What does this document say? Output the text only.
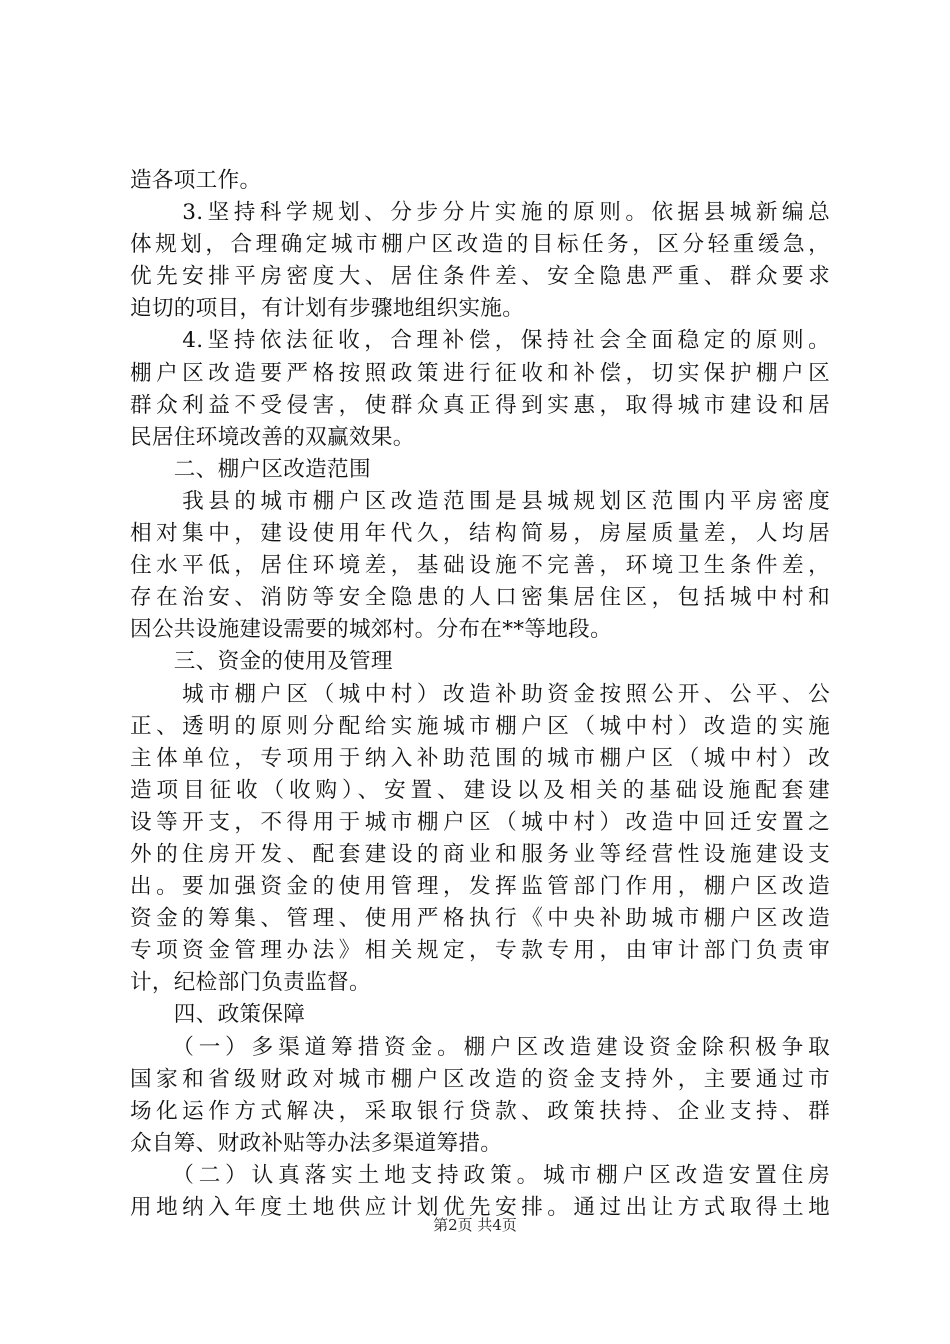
造各项工作。
　　3.坚持科学规划、分步分片实施的原则。依据县城新编总
体规划，合理确定城市棚户区改造的目标任务，区分轻重缓急，
优先安排平房密度大、居住条件差、安全隐患严重、群众要求
迫切的项目，有计划有步骤地组织实施。
　　4.坚持依法征收，合理补偿，保持社会全面稳定的原则。
棚户区改造要严格按照政策进行征收和补偿，切实保护棚户区
群众利益不受侵害，使群众真正得到实惠，取得城市建设和居
民居住环境改善的双赢效果。
　　二、棚户区改造范围
　　我县的城市棚户区改造范围是县城规划区范围内平房密度
相对集中，建设使用年代久，结构简易，房屋质量差，人均居
住水平低，居住环境差，基础设施不完善，环境卫生条件差，
存在治安、消防等安全隐患的人口密集居住区，包括城中村和
因公共设施建设需要的城郊村。分布在**等地段。
　　三、资金的使用及管理
　　城市棚户区（城中村）改造补助资金按照公开、公平、公
正、透明的原则分配给实施城市棚户区（城中村）改造的实施
主体单位，专项用于纳入补助范围的城市棚户区（城中村）改
造项目征收（收购）、安置、建设以及相关的基础设施配套建
设等开支，不得用于城市棚户区（城中村）改造中回迁安置之
外的住房开发、配套建设的商业和服务业等经营性设施建设支
出。要加强资金的使用管理，发挥监管部门作用，棚户区改造
资金的筹集、管理、使用严格执行《中央补助城市棚户区改造
专项资金管理办法》相关规定，专款专用，由审计部门负责审
计，纪检部门负责监督。
　　四、政策保障
　　（一）多渠道筹措资金。棚户区改造建设资金除积极争取
国家和省级财政对城市棚户区改造的资金支持外，主要通过市
场化运作方式解决，采取银行贷款、政策扶持、企业支持、群
众自筹、财政补贴等办法多渠道筹措。
　　（二）认真落实土地支持政策。城市棚户区改造安置住房
用地纳入年度土地供应计划优先安排。通过出让方式取得土地
第2页 共4页
